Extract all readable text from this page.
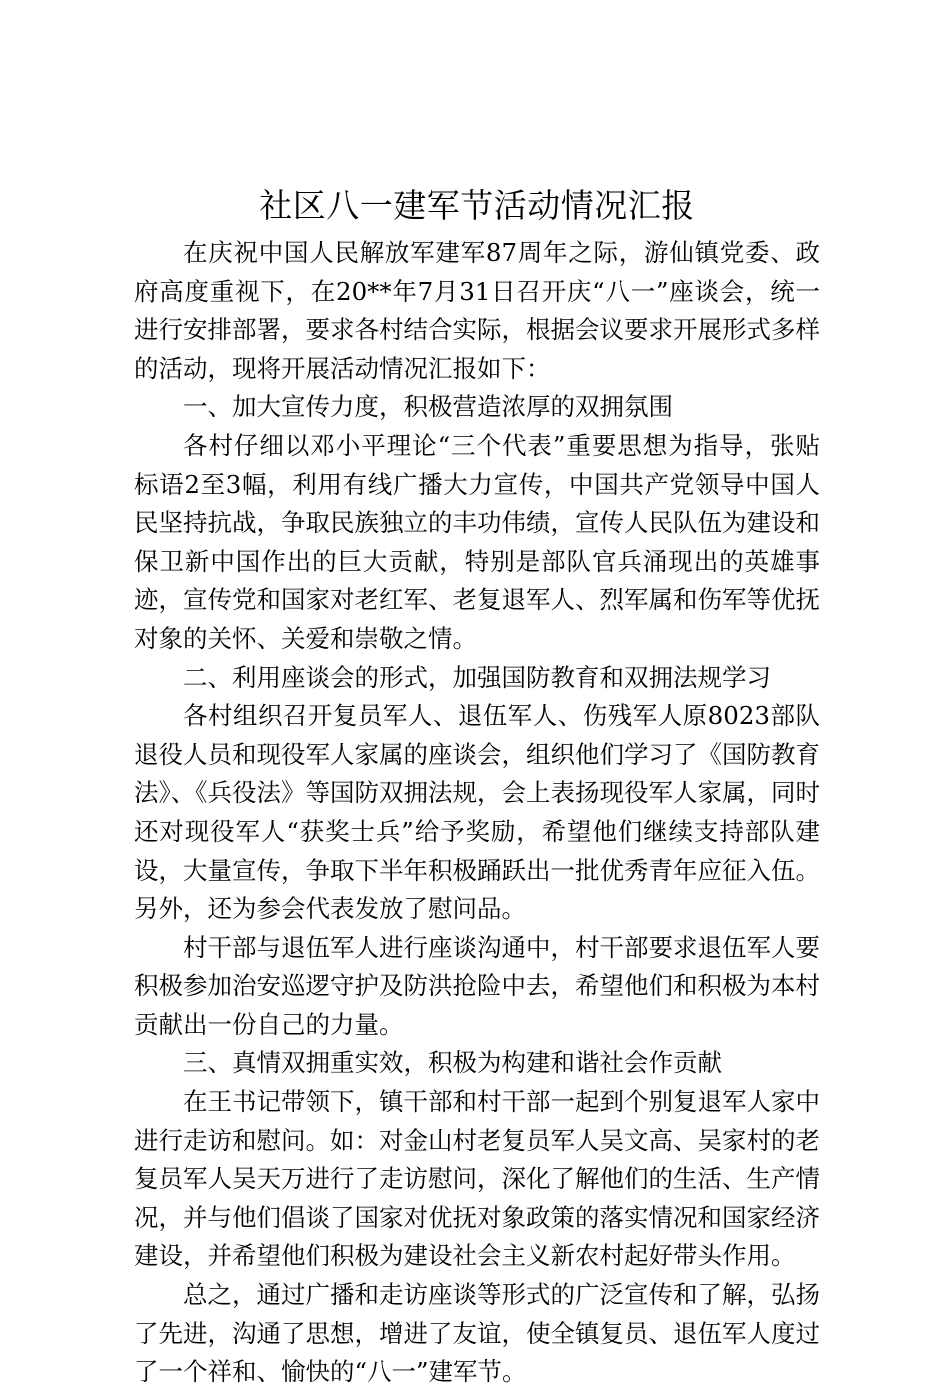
社区八一建军节活动情况汇报

在庆祝中国人民解放军建军87周年之际，游仙镇党委、政府高度重视下，在20**年7月31日召开庆“八一”座谈会，统一进行安排部署，要求各村结合实际，根据会议要求开展形式多样的活动，现将开展活动情况汇报如下：

一、加大宣传力度，积极营造浓厚的双拥氛围

各村仔细以邓小平理论“三个代表”重要思想为指导，张贴标语2至3幅，利用有线广播大力宣传，中国共产党领导中国人民坚持抗战，争取民族独立的丰功伟绩，宣传人民队伍为建设和保卫新中国作出的巨大贡献，特别是部队官兵涌现出的英雄事迹，宣传党和国家对老红军、老复退军人、烈军属和伤军等优抚对象的关怀、关爱和崇敬之情。

二、利用座谈会的形式，加强国防教育和双拥法规学习

各村组织召开复员军人、退伍军人、伤残军人原8023部队退役人员和现役军人家属的座谈会，组织他们学习了《国防教育法》、《兵役法》等国防双拥法规，会上表扬现役军人家属，同时还对现役军人“获奖士兵”给予奖励，希望他们继续支持部队建设，大量宣传，争取下半年积极踊跃出一批优秀青年应征入伍。另外，还为参会代表发放了慰问品。

村干部与退伍军人进行座谈沟通中，村干部要求退伍军人要积极参加治安巡逻守护及防洪抢险中去，希望他们和积极为本村贡献出一份自己的力量。

三、真情双拥重实效，积极为构建和谐社会作贡献

在王书记带领下，镇干部和村干部一起到个别复退军人家中进行走访和慰问。如：对金山村老复员军人吴文高、吴家村的老复员军人吴天万进行了走访慰问，深化了解他们的生活、生产情况，并与他们倡谈了国家对优抚对象政策的落实情况和国家经济建设，并希望他们积极为建设社会主义新农村起好带头作用。

总之，通过广播和走访座谈等形式的广泛宣传和了解，弘扬了先进，沟通了思想，增进了友谊，使全镇复员、退伍军人度过了一个祥和、愉快的“八一”建军节。
